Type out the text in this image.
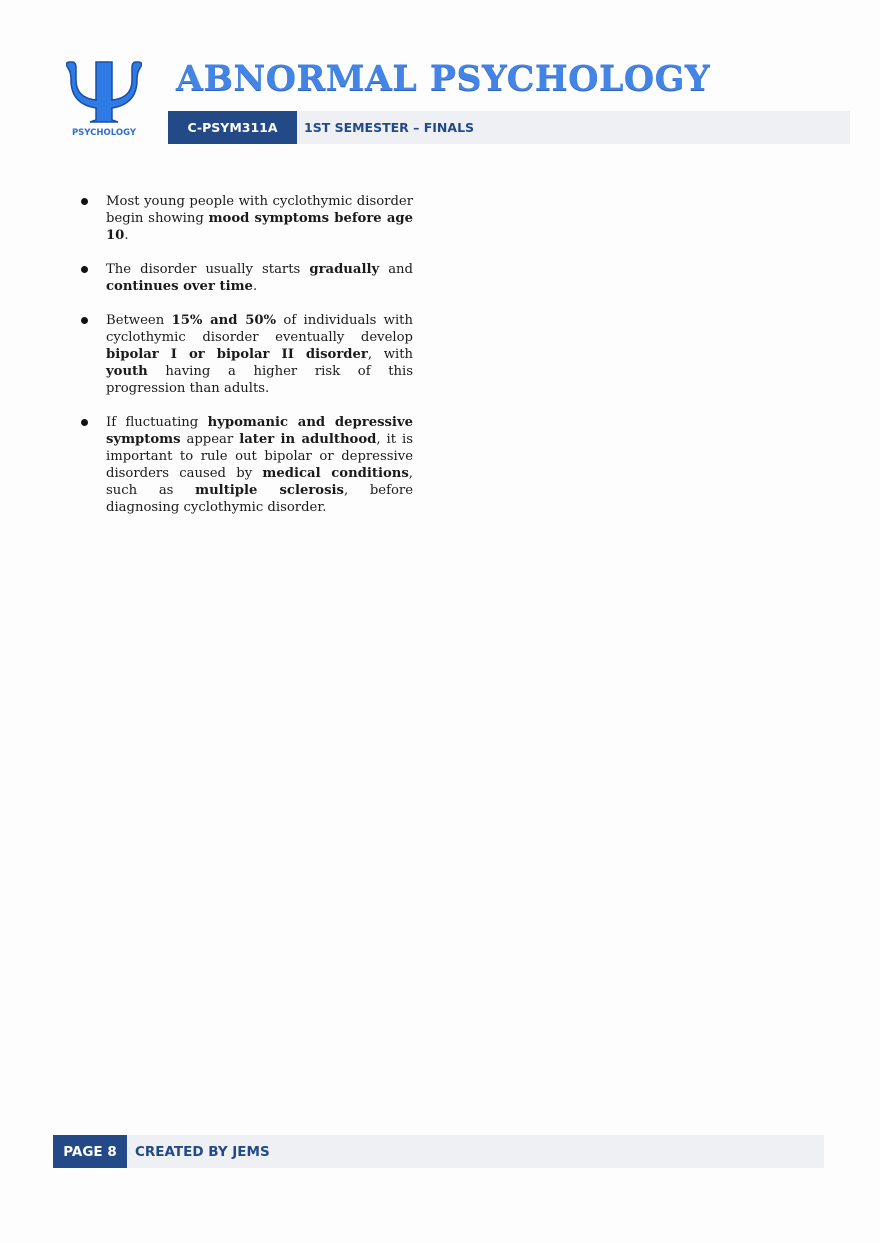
PSYCHOLOGY
ABNORMAL PSYCHOLOGY
C-PSYM311A	1ST SEMESTER – FINALS
Most young people with cyclothymic disorder begin showing mood symptoms before age 10.
The disorder usually starts gradually and continues over time.
Between 15% and 50% of individuals with cyclothymic disorder eventually develop bipolar I or bipolar II disorder, with youth having a higher risk of this progression than adults.
If fluctuating hypomanic and depressive symptoms appear later in adulthood, it is important to rule out bipolar or depressive disorders caused by medical conditions, such as multiple sclerosis, before diagnosing cyclothymic disorder.
PAGE 8	CREATED BY JEMS
